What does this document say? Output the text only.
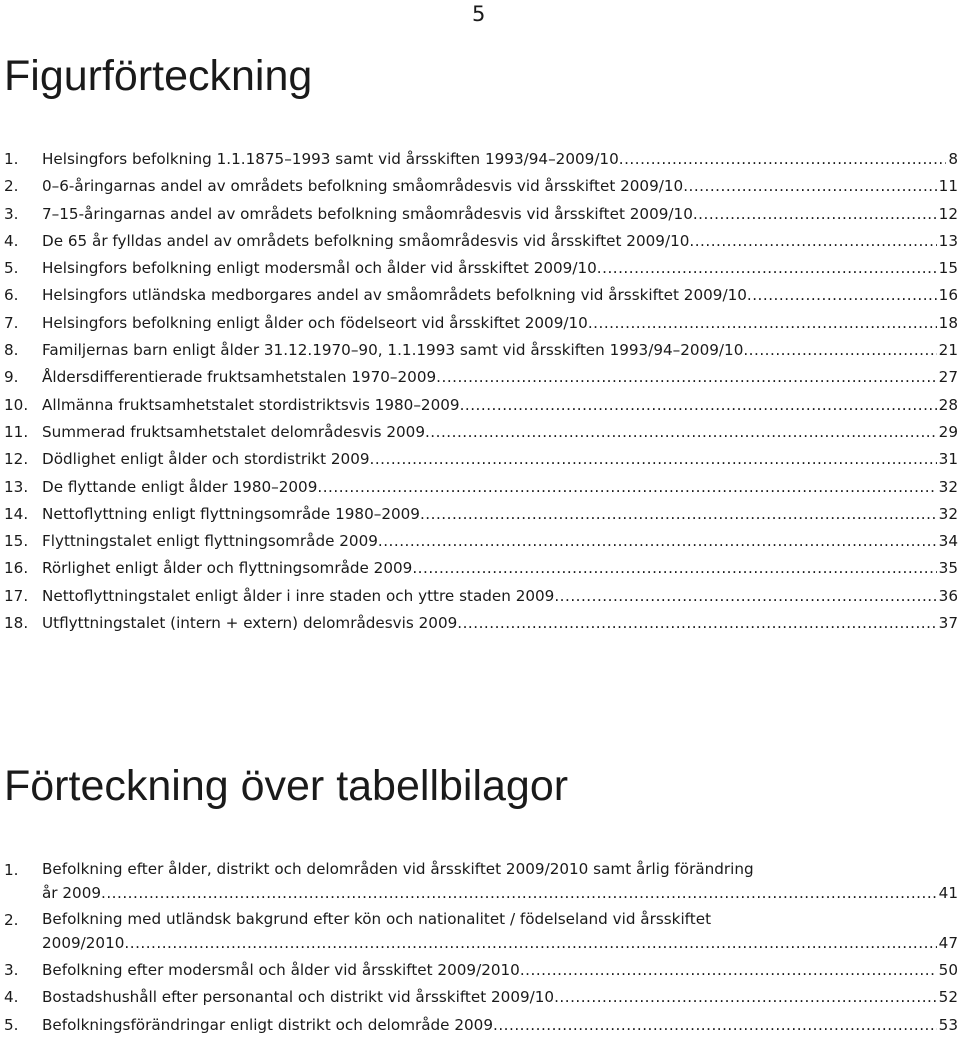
5
Figurförteckning
1.	Helsingfors befolkning 1.1.1875–1993 samt vid årsskiften 1993/94–2009/10 .....	8
2.	0–6-åringarnas andel av områdets befolkning småområdesvis vid årsskiftet 2009/10 .....	11
3.	7–15-åringarnas andel av områdets befolkning småområdesvis vid årsskiftet 2009/10 .....	12
4.	De 65 år fylldas andel av områdets befolkning småområdesvis vid årsskiftet 2009/10 .....	13
5.	Helsingfors befolkning enligt modersmål och ålder vid årsskiftet 2009/10 .....	15
6.	Helsingfors utländska medborgares andel av småområdets befolkning vid årsskiftet 2009/10 .....	16
7.	Helsingfors befolkning enligt ålder och födelseort vid årsskiftet 2009/10 .....	18
8.	Familjernas barn enligt ålder 31.12.1970–90, 1.1.1993 samt vid årsskiften 1993/94–2009/10 .....	21
9.	Åldersdifferentierade fruktsamhetstalen 1970–2009 .....	27
10. Allmänna fruktsamhetstalet stordistriktsvis 1980–2009 .....	28
11. Summerad fruktsamhetstalet delområdesvis 2009 .....	29
12. Dödlighet enligt ålder och stordistrikt 2009 .....	31
13. De flyttande enligt ålder 1980–2009 .....	32
14. Nettoflyttning enligt flyttningsområde 1980–2009 .....	32
15. Flyttningstalet enligt flyttningsområde 2009 .....	34
16. Rörlighet enligt ålder och flyttningsområde 2009 .....	35
17. Nettoflyttningstalet enligt ålder i inre staden och yttre staden 2009 .....	36
18. Utflyttningstalet (intern + extern) delområdesvis 2009 .....	37
Förteckning över tabellbilagor
1.	Befolkning efter ålder, distrikt och delområden vid årsskiftet 2009/2010 samt årlig förändring
år 2009 .....	41
2.	Befolkning med utländsk bakgrund efter kön och nationalitet / födelseland vid årsskiftet
2009/2010 .....	47
3.	Befolkning efter modersmål och ålder vid årsskiftet 2009/2010 .....	50
4.	Bostadshushåll efter personantal och distrikt vid årsskiftet 2009/10 .....	52
5.	Befolkningsförändringar enligt distrikt och delområde 2009 .....	53
